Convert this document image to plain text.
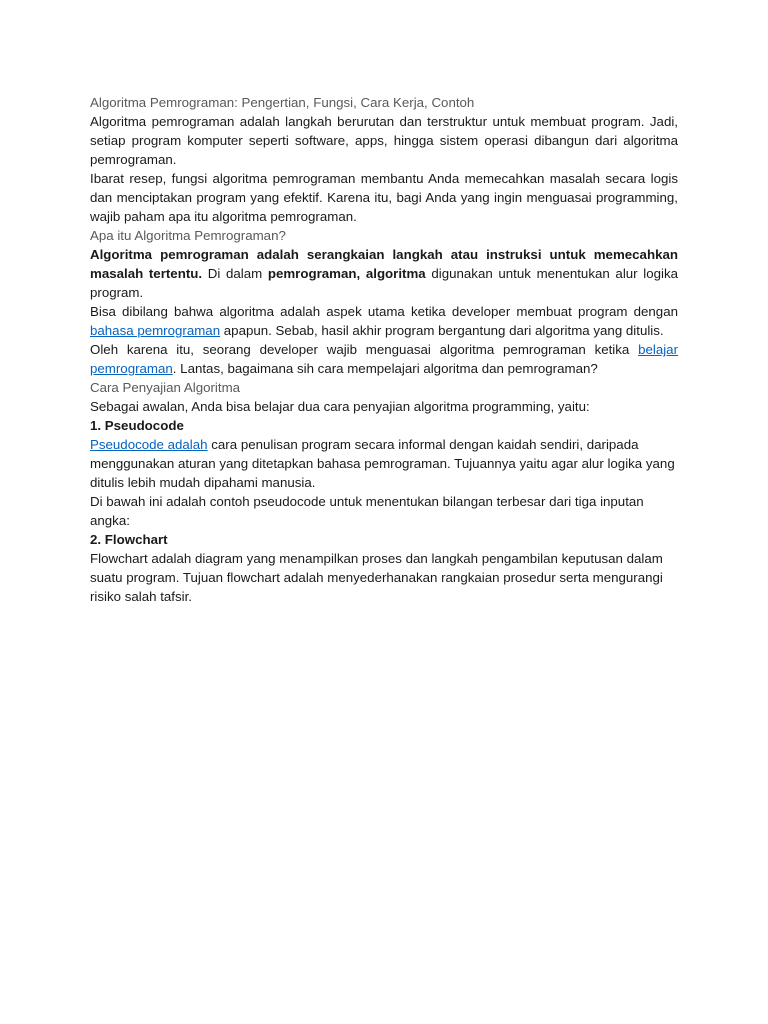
Algoritma Pemrograman: Pengertian, Fungsi, Cara Kerja, Contoh

Algoritma pemrograman adalah langkah berurutan dan terstruktur untuk membuat program. Jadi, setiap program komputer seperti software, apps, hingga sistem operasi dibangun dari algoritma pemrograman.

Ibarat resep, fungsi algoritma pemrograman membantu Anda memecahkan masalah secara logis dan menciptakan program yang efektif. Karena itu, bagi Anda yang ingin menguasai programming, wajib paham apa itu algoritma pemrograman.

Apa itu Algoritma Pemrograman?

Algoritma pemrograman adalah serangkaian langkah atau instruksi untuk memecahkan masalah tertentu. Di dalam pemrograman, algoritma digunakan untuk menentukan alur logika program.

Bisa dibilang bahwa algoritma adalah aspek utama ketika developer membuat program dengan bahasa pemrograman apapun. Sebab, hasil akhir program bergantung dari algoritma yang ditulis.

Oleh karena itu, seorang developer wajib menguasai algoritma pemrograman ketika belajar pemrograman. Lantas, bagaimana sih cara mempelajari algoritma dan pemrograman?

Cara Penyajian Algoritma

Sebagai awalan, Anda bisa belajar dua cara penyajian algoritma programming, yaitu:

1. Pseudocode

Pseudocode adalah cara penulisan program secara informal dengan kaidah sendiri, daripada menggunakan aturan yang ditetapkan bahasa pemrograman. Tujuannya yaitu agar alur logika yang ditulis lebih mudah dipahami manusia.

Di bawah ini adalah contoh pseudocode untuk menentukan bilangan terbesar dari tiga inputan angka:

2. Flowchart

Flowchart adalah diagram yang menampilkan proses dan langkah pengambilan keputusan dalam suatu program. Tujuan flowchart adalah menyederhanakan rangkaian prosedur serta mengurangi risiko salah tafsir.
